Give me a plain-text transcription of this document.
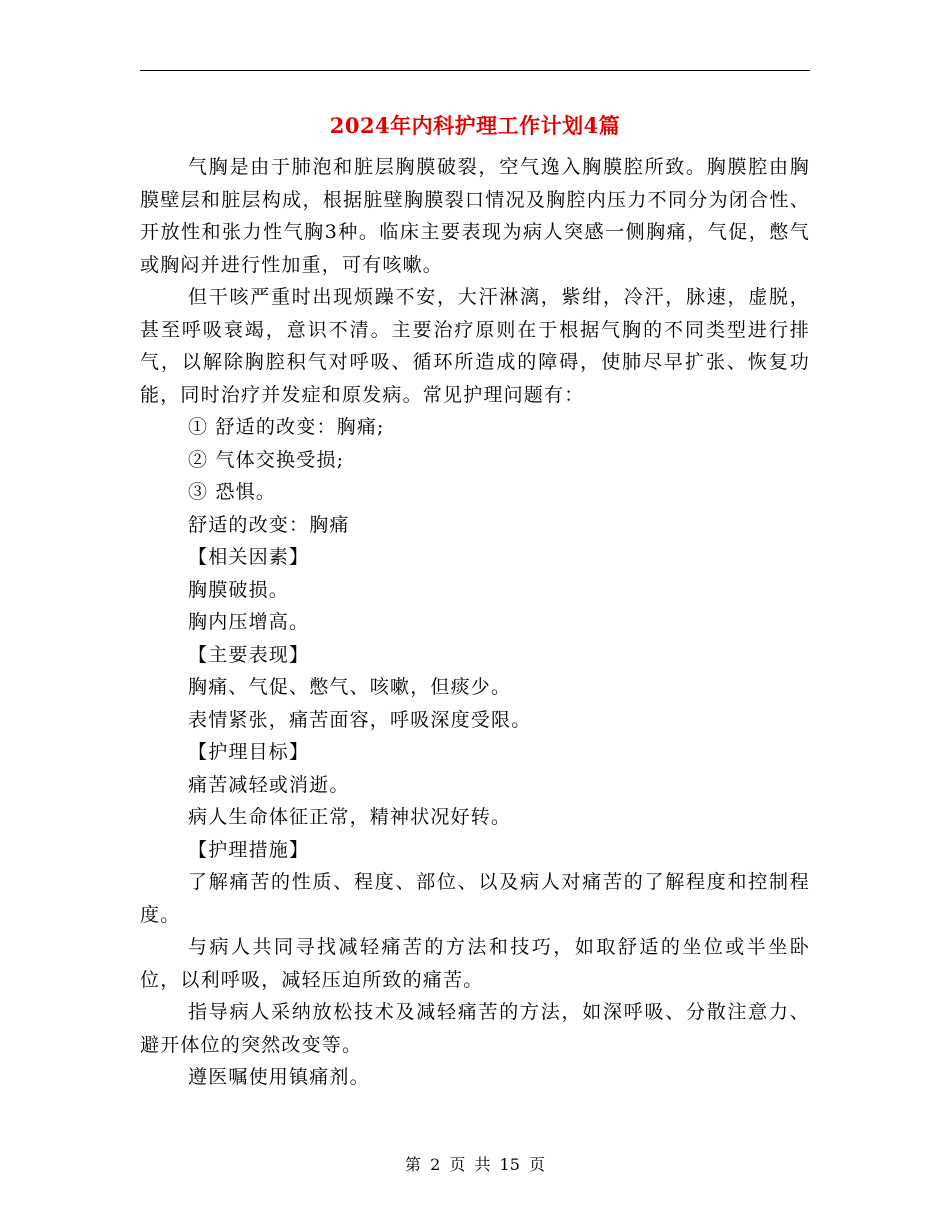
2024年内科护理工作计划4篇

气胸是由于肺泡和脏层胸膜破裂，空气逸入胸膜腔所致。胸膜腔由胸膜壁层和脏层构成，根据脏壁胸膜裂口情况及胸腔内压力不同分为闭合性、开放性和张力性气胸3种。临床主要表现为病人突感一侧胸痛，气促，憋气或胸闷并进行性加重，可有咳嗽。

但干咳严重时出现烦躁不安，大汗淋漓，紫绀，冷汗，脉速，虚脱，甚至呼吸衰竭，意识不清。主要治疗原则在于根据气胸的不同类型进行排气，以解除胸腔积气对呼吸、循环所造成的障碍，使肺尽早扩张、恢复功能，同时治疗并发症和原发病。常见护理问题有：

① 舒适的改变：胸痛;

② 气体交换受损;

③ 恐惧。

舒适的改变：胸痛

【相关因素】

胸膜破损。

胸内压增高。

【主要表现】

胸痛、气促、憋气、咳嗽，但痰少。

表情紧张，痛苦面容，呼吸深度受限。

【护理目标】

痛苦减轻或消逝。

病人生命体征正常，精神状况好转。

【护理措施】

了解痛苦的性质、程度、部位、以及病人对痛苦的了解程度和控制程度。

与病人共同寻找减轻痛苦的方法和技巧，如取舒适的坐位或半坐卧位，以利呼吸，减轻压迫所致的痛苦。

指导病人采纳放松技术及减轻痛苦的方法，如深呼吸、分散注意力、避开体位的突然改变等。

遵医嘱使用镇痛剂。

第 2 页 共 15 页
